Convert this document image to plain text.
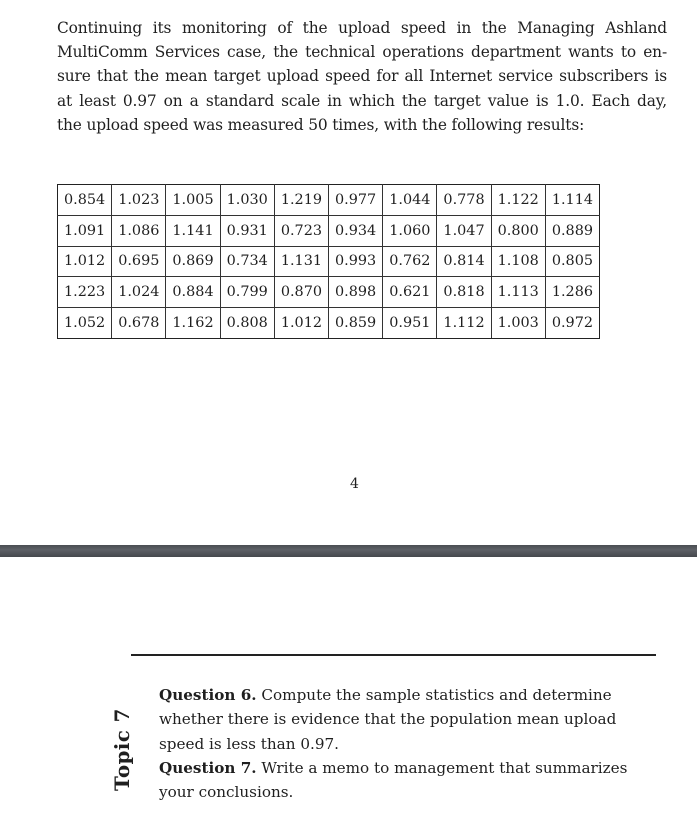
Continuing its monitoring of the upload speed in the Managing Ashland
MultiComm Services case, the technical operations department wants to en-
sure that the mean target upload speed for all Internet service subscribers is
at least 0.97 on a standard scale in which the target value is 1.0. Each day,
the upload speed was measured 50 times, with the following results:
0.854	1.023	1.005	1.030	1.219	0.977	1.044	0.778	1.122	1.114
1.091	1.086	1.141	0.931	0.723	0.934	1.060	1.047	0.800	0.889
1.012	0.695	0.869	0.734	1.131	0.993	0.762	0.814	1.108	0.805
1.223	1.024	0.884	0.799	0.870	0.898	0.621	0.818	1.113	1.286
1.052	0.678	1.162	0.808	1.012	0.859	0.951	1.112	1.003	0.972
4
Topic 7
Question 6. Compute the sample statistics and determine
whether there is evidence that the population mean upload
speed is less than 0.97.
Question 7. Write a memo to management that summarizes
your conclusions.
